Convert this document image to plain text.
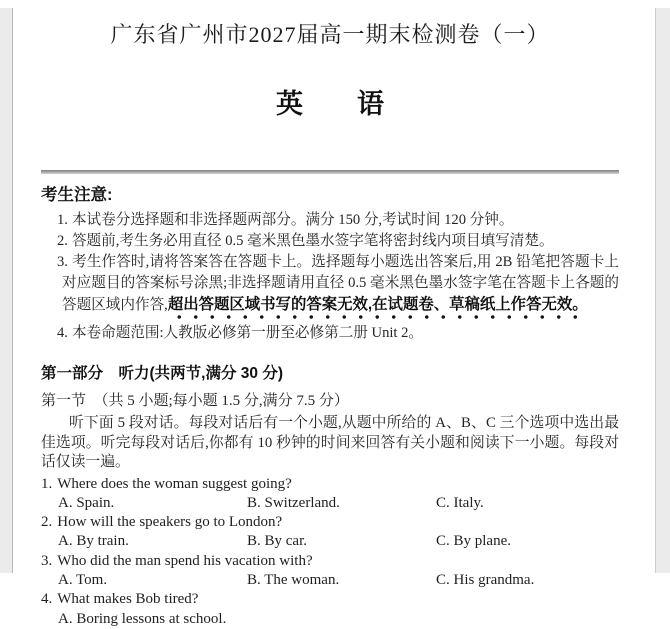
广东省广州市2027届高一期末检测卷（一）
英　　语
考生注意:
1. 本试卷分选择题和非选择题两部分。满分 150 分,考试时间 120 分钟。
2. 答题前,考生务必用直径 0.5 毫米黑色墨水签字笔将密封线内项目填写清楚。
3. 考生作答时,请将答案答在答题卡上。选择题每小题选出答案后,用 2B 铅笔把答题卡上对应题目的答案标号涂黑;非选择题请用直径 0.5 毫米黑色墨水签字笔在答题卡上各题的答题区域内作答,超出答题区域书写的答案无效,在试题卷、草稿纸上作答无效。
4. 本卷命题范围:人教版必修第一册至必修第二册 Unit 2。
第一部分　听力(共两节,满分 30 分)
第一节　（共 5 小题;每小题 1.5 分,满分 7.5 分）
听下面 5 段对话。每段对话后有一个小题,从题中所给的 A、B、C 三个选项中选出最佳选项。听完每段对话后,你都有 10 秒钟的时间来回答有关小题和阅读下一小题。每段对话仅读一遍。
1. Where does the woman suggest going?
A. Spain.	B. Switzerland.	C. Italy.
2. How will the speakers go to London?
A. By train.	B. By car.	C. By plane.
3. Who did the man spend his vacation with?
A. Tom.	B. The woman.	C. His grandma.
4. What makes Bob tired?
A. Boring lessons at school.
